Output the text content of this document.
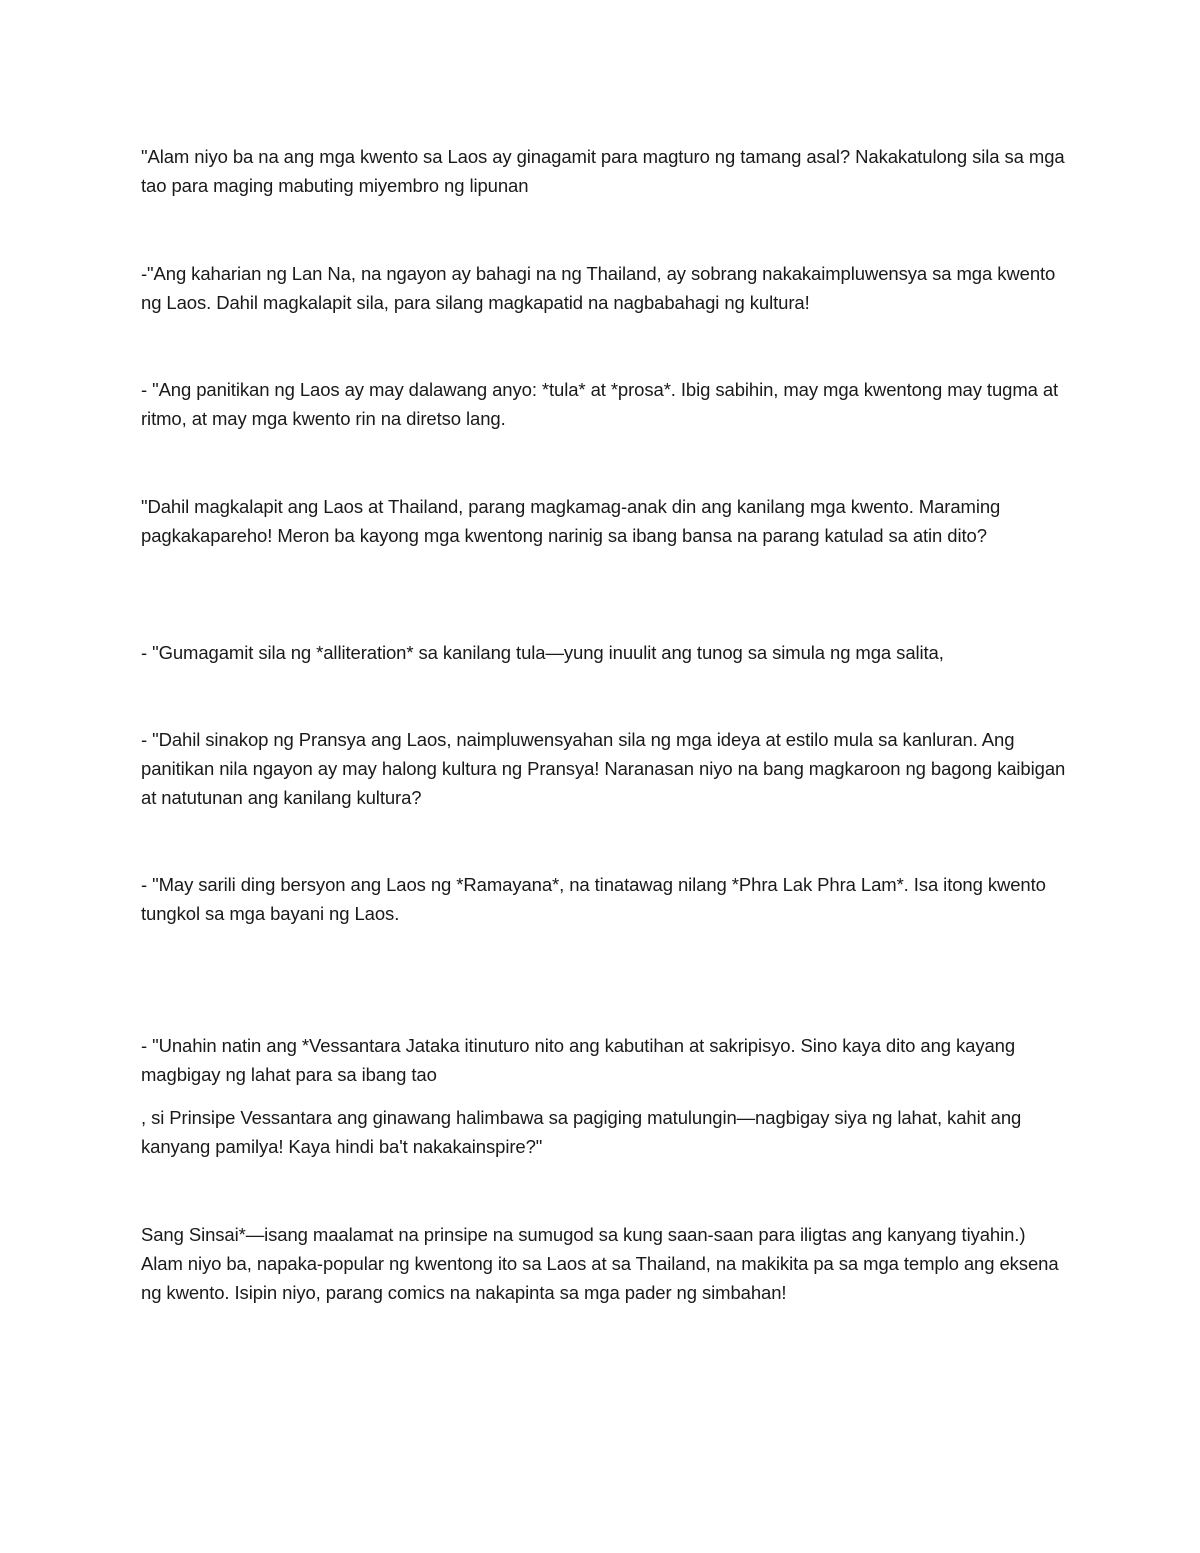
"Alam niyo ba na ang mga kwento sa Laos ay ginagamit para magturo ng tamang asal? Nakakatulong sila sa mga tao para maging mabuting miyembro ng lipunan

-"Ang kaharian ng Lan Na, na ngayon ay bahagi na ng Thailand, ay sobrang nakakaimpluwensya sa mga kwento ng Laos. Dahil magkalapit sila, para silang magkapatid na nagbabahagi ng kultura!

- "Ang panitikan ng Laos ay may dalawang anyo: *tula* at *prosa*. Ibig sabihin, may mga kwentong may tugma at ritmo, at may mga kwento rin na diretso lang.

"Dahil magkalapit ang Laos at Thailand, parang magkamag-anak din ang kanilang mga kwento. Maraming pagkakapareho! Meron ba kayong mga kwentong narinig sa ibang bansa na parang katulad sa atin dito?

- "Gumagamit sila ng *alliteration* sa kanilang tula—yung inuulit ang tunog sa simula ng mga salita,

- "Dahil sinakop ng Pransya ang Laos, naimpluwensyahan sila ng mga ideya at estilo mula sa kanluran. Ang panitikan nila ngayon ay may halong kultura ng Pransya! Naranasan niyo na bang magkaroon ng bagong kaibigan at natutunan ang kanilang kultura?

- "May sarili ding bersyon ang Laos ng *Ramayana*, na tinatawag nilang *Phra Lak Phra Lam*. Isa itong kwento tungkol sa mga bayani ng Laos.

- "Unahin natin ang *Vessantara Jataka itinuturo nito ang kabutihan at sakripisyo. Sino kaya dito ang kayang magbigay ng lahat para sa ibang tao

, si Prinsipe Vessantara ang ginawang halimbawa sa pagiging matulungin—nagbigay siya ng lahat, kahit ang kanyang pamilya! Kaya hindi ba't nakakainspire?"

Sang Sinsai*—isang maalamat na prinsipe na sumugod sa kung saan-saan para iligtas ang kanyang tiyahin.) Alam niyo ba, napaka-popular ng kwentong ito sa Laos at sa Thailand, na makikita pa sa mga templo ang eksena ng kwento. Isipin niyo, parang comics na nakapinta sa mga pader ng simbahan!
